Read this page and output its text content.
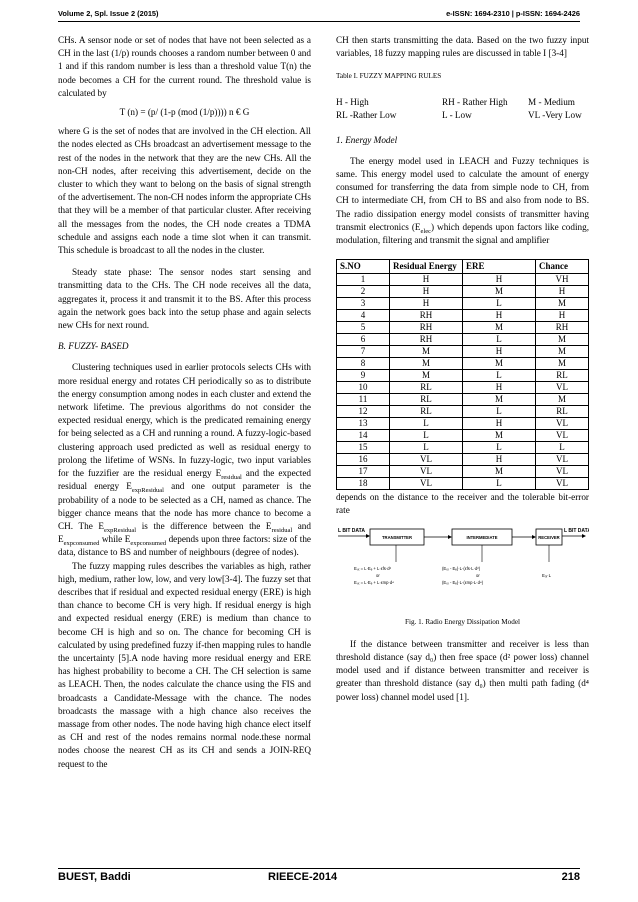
Volume 2, Spl. Issue 2 (2015)	e-ISSN: 1694-2310 | p-ISSN: 1694-2426

CHs. A sensor node or set of nodes that have not been selected as a CH in the last (1/p) rounds chooses a random number between 0 and 1 and if this random number is less than a threshold value T(n) the node becomes a CH for the current round. The threshold value is calculated by

T (n) = (p/ (1-p (mod (1/p)))) n € G

where G is the set of nodes that are involved in the CH election. All the nodes elected as CHs broadcast an advertisement message to the rest of the nodes in the network that they are the new CHs. All the non-CH nodes, after receiving this advertisement, decide on the cluster to which they want to belong on the basis of signal strength of the advertisement. The non-CH nodes inform the appropriate CHs that they will be a member of that particular cluster. After receiving all the messages from the nodes, the CH node creates a TDMA schedule and assigns each node a time slot when it can transmit. This schedule is broadcast to all the nodes in the cluster.

Steady state phase: The sensor nodes start sensing and transmitting data to the CHs. The CH node receives all the data, aggregates it, process it and transmit it to the BS. After this process again the network goes back into the setup phase and again selects new CHs for next round.

B. FUZZY- BASED

Clustering techniques used in earlier protocols selects CHs with more residual energy and rotates CH periodically so as to distribute the energy consumption among nodes in each cluster and extend the network lifetime. The previous algorithms do not consider the expected residual energy, which is the predicated remaining energy for being selected as a CH and running a round. A fuzzy-logic-based clustering approach used predicted as well as residual energy to prolong the lifetime of WSNs. In fuzzy-logic, two input variables for the fuzzifier are the residual energy $E_{residual}$ and the expected residual energy $E_{expResidual}$ and one output parameter is the probability of a node to be selected as a CH, named as chance. The bigger chance means that the node has more chance to become a CH. The $E_{expResidual}$ is the difference between the $E_{residual}$ and $E_{expconsumed}$ while $E_{expconsumed}$ depends upon three factors: size of the data, distance to BS and number of neighbours (degree of nodes).

The fuzzy mapping rules describes the variables as high, rather high, medium, rather low, low, and very low[3-4]. The fuzzy set that describes that if residual and expected residual energy (ERE) is high than chance to become CH is very high. If residual energy is high and expected residual energy (ERE) is medium than chance to become CH is high and so on. The chance for becoming CH is calculated by using predefined fuzzy if-then mapping rules to handle the uncertainty [5].A node having more residual energy and ERE has highest probability to become a CH. The CH selection is same as LEACH. Then, the nodes calculate the chance using the FIS and broadcasts a Candidate-Message with the chance. The nodes broadcasts the massage with a high chance also receives the massage from other nodes. The node having high chance elect itself as CH and rest of the nodes remains normal node.these normal nodes choose the nearest CH as its CH and sends a JOIN-REQ request to the

CH then starts transmitting the data. Based on the two fuzzy input variables, 18 fuzzy mapping rules are discussed in table I [3-4]

Table I. FUZZY MAPPING RULES

H - High	RH - Rather High	M - Medium
RL -Rather Low	L - Low	VL -Very Low

1. Energy Model

The energy model used in LEACH and Fuzzy techniques is same. This energy model used to calculate the amount of energy consumed for transferring the data from simple node to CH, from CH to intermediate CH, from CH to BS and also from node to BS. The radio dissipation energy model consists of transmitter having transmit electronics $(E_{elec})$ which depends upon factors like coding, modulation, filtering and transmit the signal and amplifier

S.NO	Residual Energy	ERE	Chance
1	H	H	VH
2	H	M	H
3	H	L	M
4	RH	H	H
5	RH	M	RH
6	RH	L	M
7	M	H	M
8	M	M	M
9	M	L	RL
10	RL	H	VL
11	RL	M	M
12	RL	L	RL
13	L	H	VL
14	L	M	VL
15	L	L	L
16	VL	H	VL
17	VL	M	VL
18	VL	L	VL

depends on the distance to the receiver and the tolerable bit-error rate

L BIT DATA
TRANSMITTER	INTERMEDIATE	RECEIVER
L BIT DATA
Eₜₓ = L·Eₑ + L·εfs·d²
or
Eₜₓ = L·Eₑ + L·εmp·d⁴
(Eₜₓ - Eₑ)·L·(εfs·L·d²)
or
(Eₜₓ - Eₑ)·L·(εmp·L·d⁴)
Eᵣₓ·L

Fig. 1. Radio Energy Dissipation Model

If the distance between transmitter and receiver is less than threshold distance (say d₀) then free space (d² power loss) channel model used and if distance between transmitter and receiver is greater than threshold distance (say d₀) then multi path fading (d⁴ power loss) channel model used [1].

BUEST, Baddi	RIEECE-2014	218
